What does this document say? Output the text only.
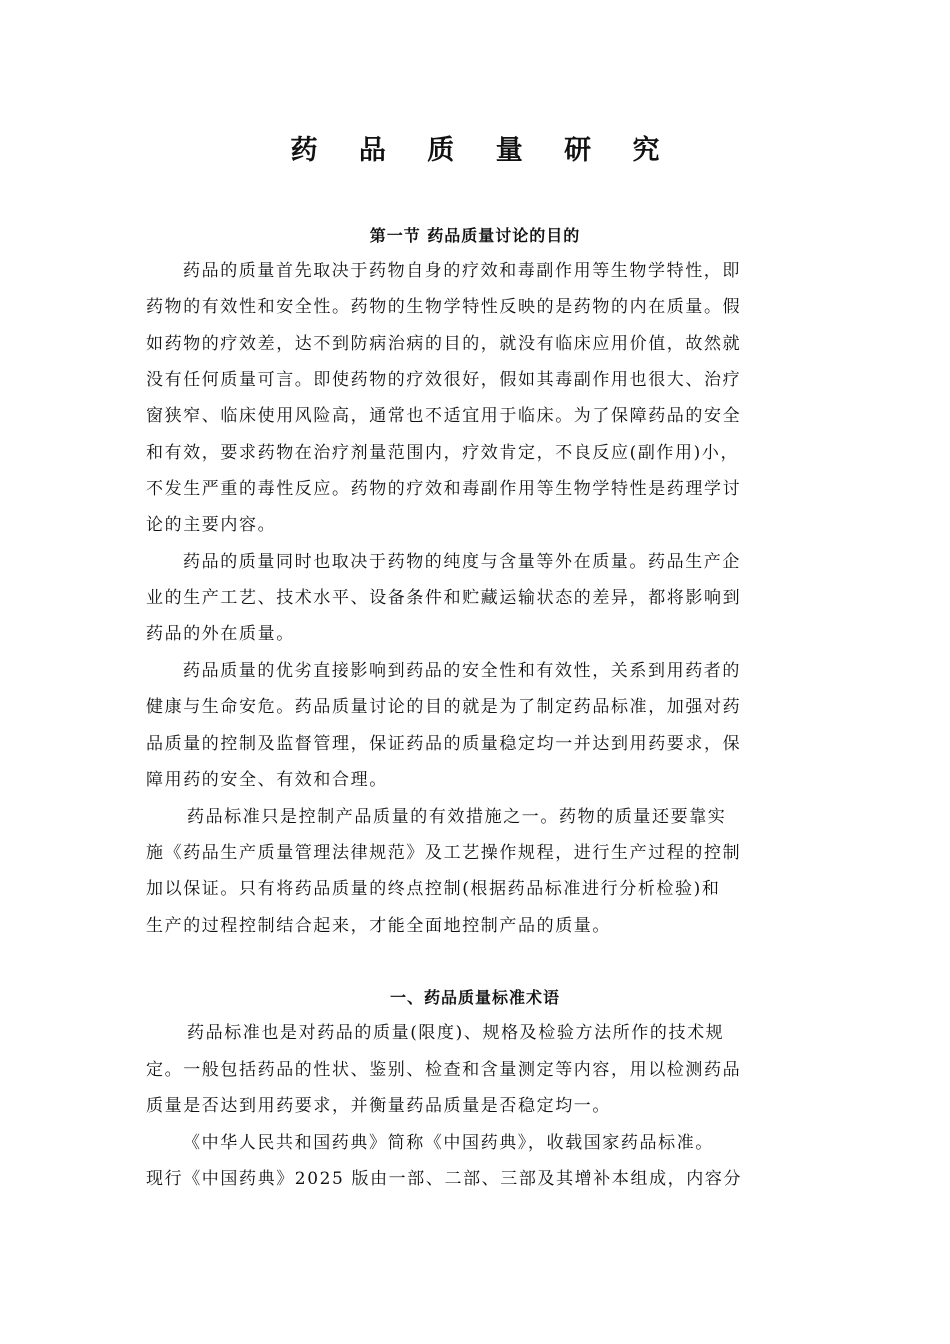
药 品 质 量 研 究
第一节 药品质量讨论的目的
药品的质量首先取决于药物自身的疗效和毒副作用等生物学特性，即
药物的有效性和安全性。药物的生物学特性反映的是药物的内在质量。假
如药物的疗效差，达不到防病治病的目的，就没有临床应用价值，故然就
没有任何质量可言。即使药物的疗效很好，假如其毒副作用也很大、治疗
窗狭窄、临床使用风险高，通常也不适宜用于临床。为了保障药品的安全
和有效，要求药物在治疗剂量范围内，疗效肯定，不良反应(副作用)小，
不发生严重的毒性反应。药物的疗效和毒副作用等生物学特性是药理学讨
论的主要内容。
药品的质量同时也取决于药物的纯度与含量等外在质量。药品生产企
业的生产工艺、技术水平、设备条件和贮藏运输状态的差异，都将影响到
药品的外在质量。
药品质量的优劣直接影响到药品的安全性和有效性，关系到用药者的
健康与生命安危。药品质量讨论的目的就是为了制定药品标准，加强对药
品质量的控制及监督管理，保证药品的质量稳定均一并达到用药要求，保
障用药的安全、有效和合理。
药品标准只是控制产品质量的有效措施之一。药物的质量还要靠实
施《药品生产质量管理法律规范》及工艺操作规程，进行生产过程的控制
加以保证。只有将药品质量的终点控制(根据药品标准进行分析检验)和
生产的过程控制结合起来，才能全面地控制产品的质量。
一、药品质量标准术语
药品标准也是对药品的质量(限度)、规格及检验方法所作的技术规
定。一般包括药品的性状、鉴别、检查和含量测定等内容，用以检测药品
质量是否达到用药要求，并衡量药品质量是否稳定均一。
《中华人民共和国药典》简称《中国药典》，收载国家药品标准。
现行《中国药典》2025 版由一部、二部、三部及其增补本组成，内容分
